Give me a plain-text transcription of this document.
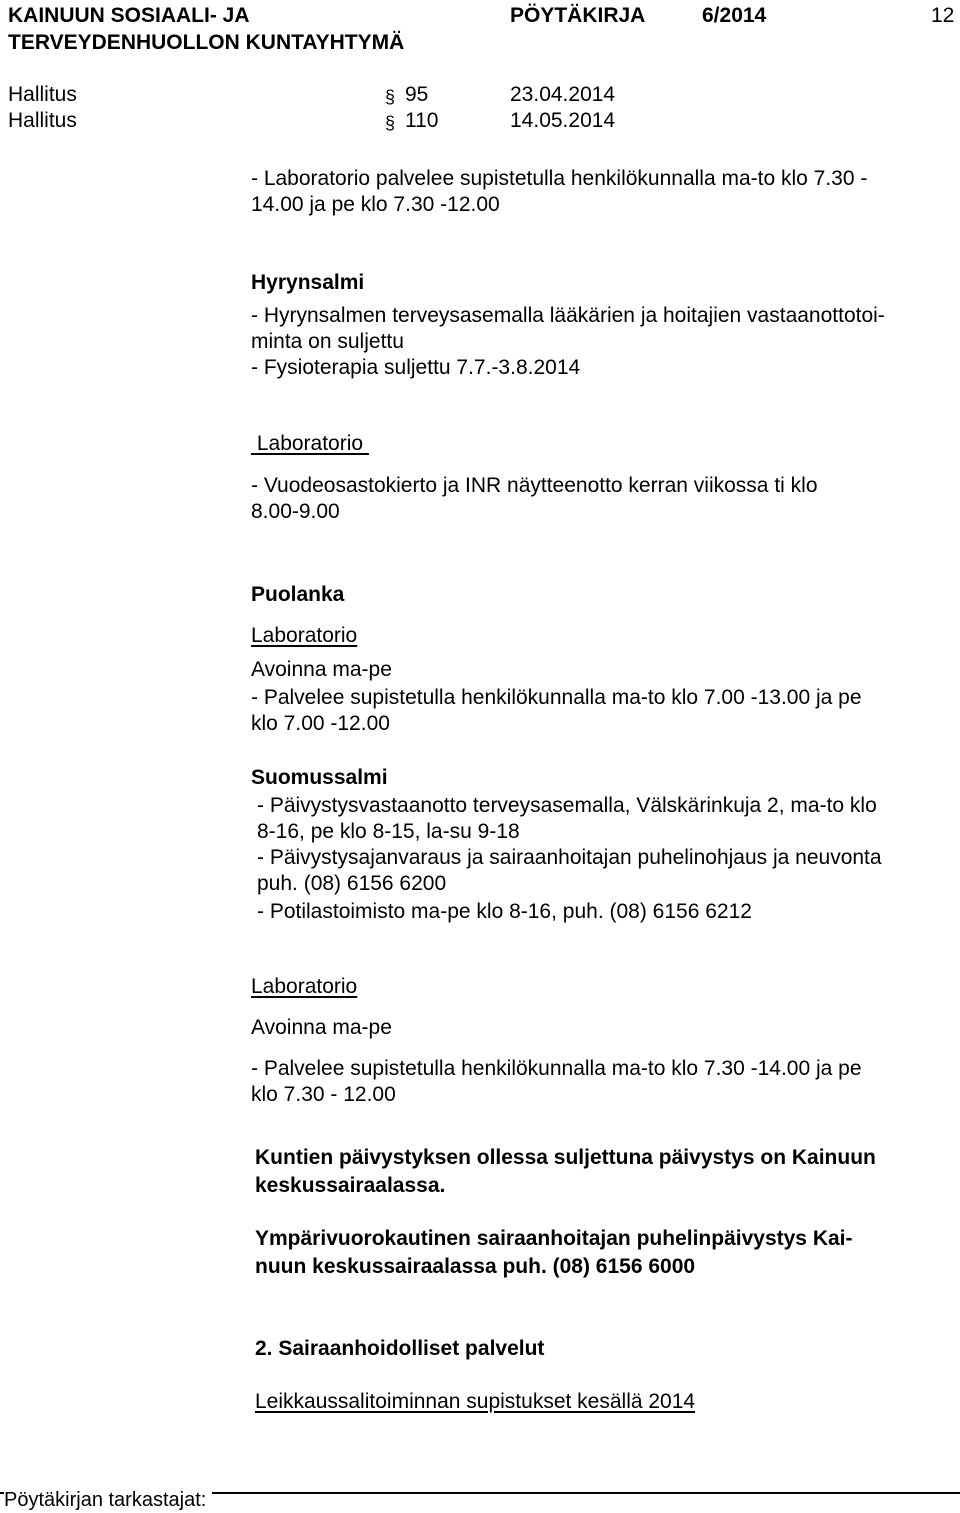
KAINUUN SOSIAALI- JA
TERVEYDENHUOLLON KUNTAYHTYMÄ
PÖYTÄKIRJA	6/2014	12
Hallitus	§ 95	23.04.2014
Hallitus	§ 110	14.05.2014
- Laboratorio palvelee supistetulla henkilökunnalla ma-to klo 7.30 -
14.00 ja pe klo 7.30 -12.00
Hyrynsalmi
- Hyrynsalmen terveysasemalla lääkärien ja hoitajien vastaanottotoi-
minta on suljettu
- Fysioterapia suljettu 7.7.-3.8.2014
Laboratorio
- Vuodeosastokierto ja INR näytteenotto kerran viikossa ti klo
8.00-9.00
Puolanka
Laboratorio
Avoinna ma-pe
- Palvelee supistetulla henkilökunnalla ma-to klo 7.00 -13.00 ja pe
klo 7.00 -12.00
Suomussalmi
- Päivystysvastaanotto terveysasemalla, Välskärinkuja 2, ma-to klo
8-16, pe klo 8-15, la-su 9-18
- Päivystysajanvaraus ja sairaanhoitajan puhelinohjaus ja neuvonta
puh. (08) 6156 6200
- Potilastoimisto ma-pe klo 8-16, puh. (08) 6156 6212
Laboratorio
Avoinna ma-pe
- Palvelee supistetulla henkilökunnalla ma-to klo 7.30 -14.00 ja pe
klo 7.30 - 12.00
Kuntien päivystyksen ollessa suljettuna päivystys on Kainuun
keskussairaalassa.
Ympärivuorokautinen sairaanhoitajan puhelinpäivystys Kai-
nuun keskussairaalassa puh. (08) 6156 6000
2. Sairaanhoidolliset palvelut
Leikkaussalitoiminnan supistukset kesällä 2014
Pöytäkirjan tarkastajat:
